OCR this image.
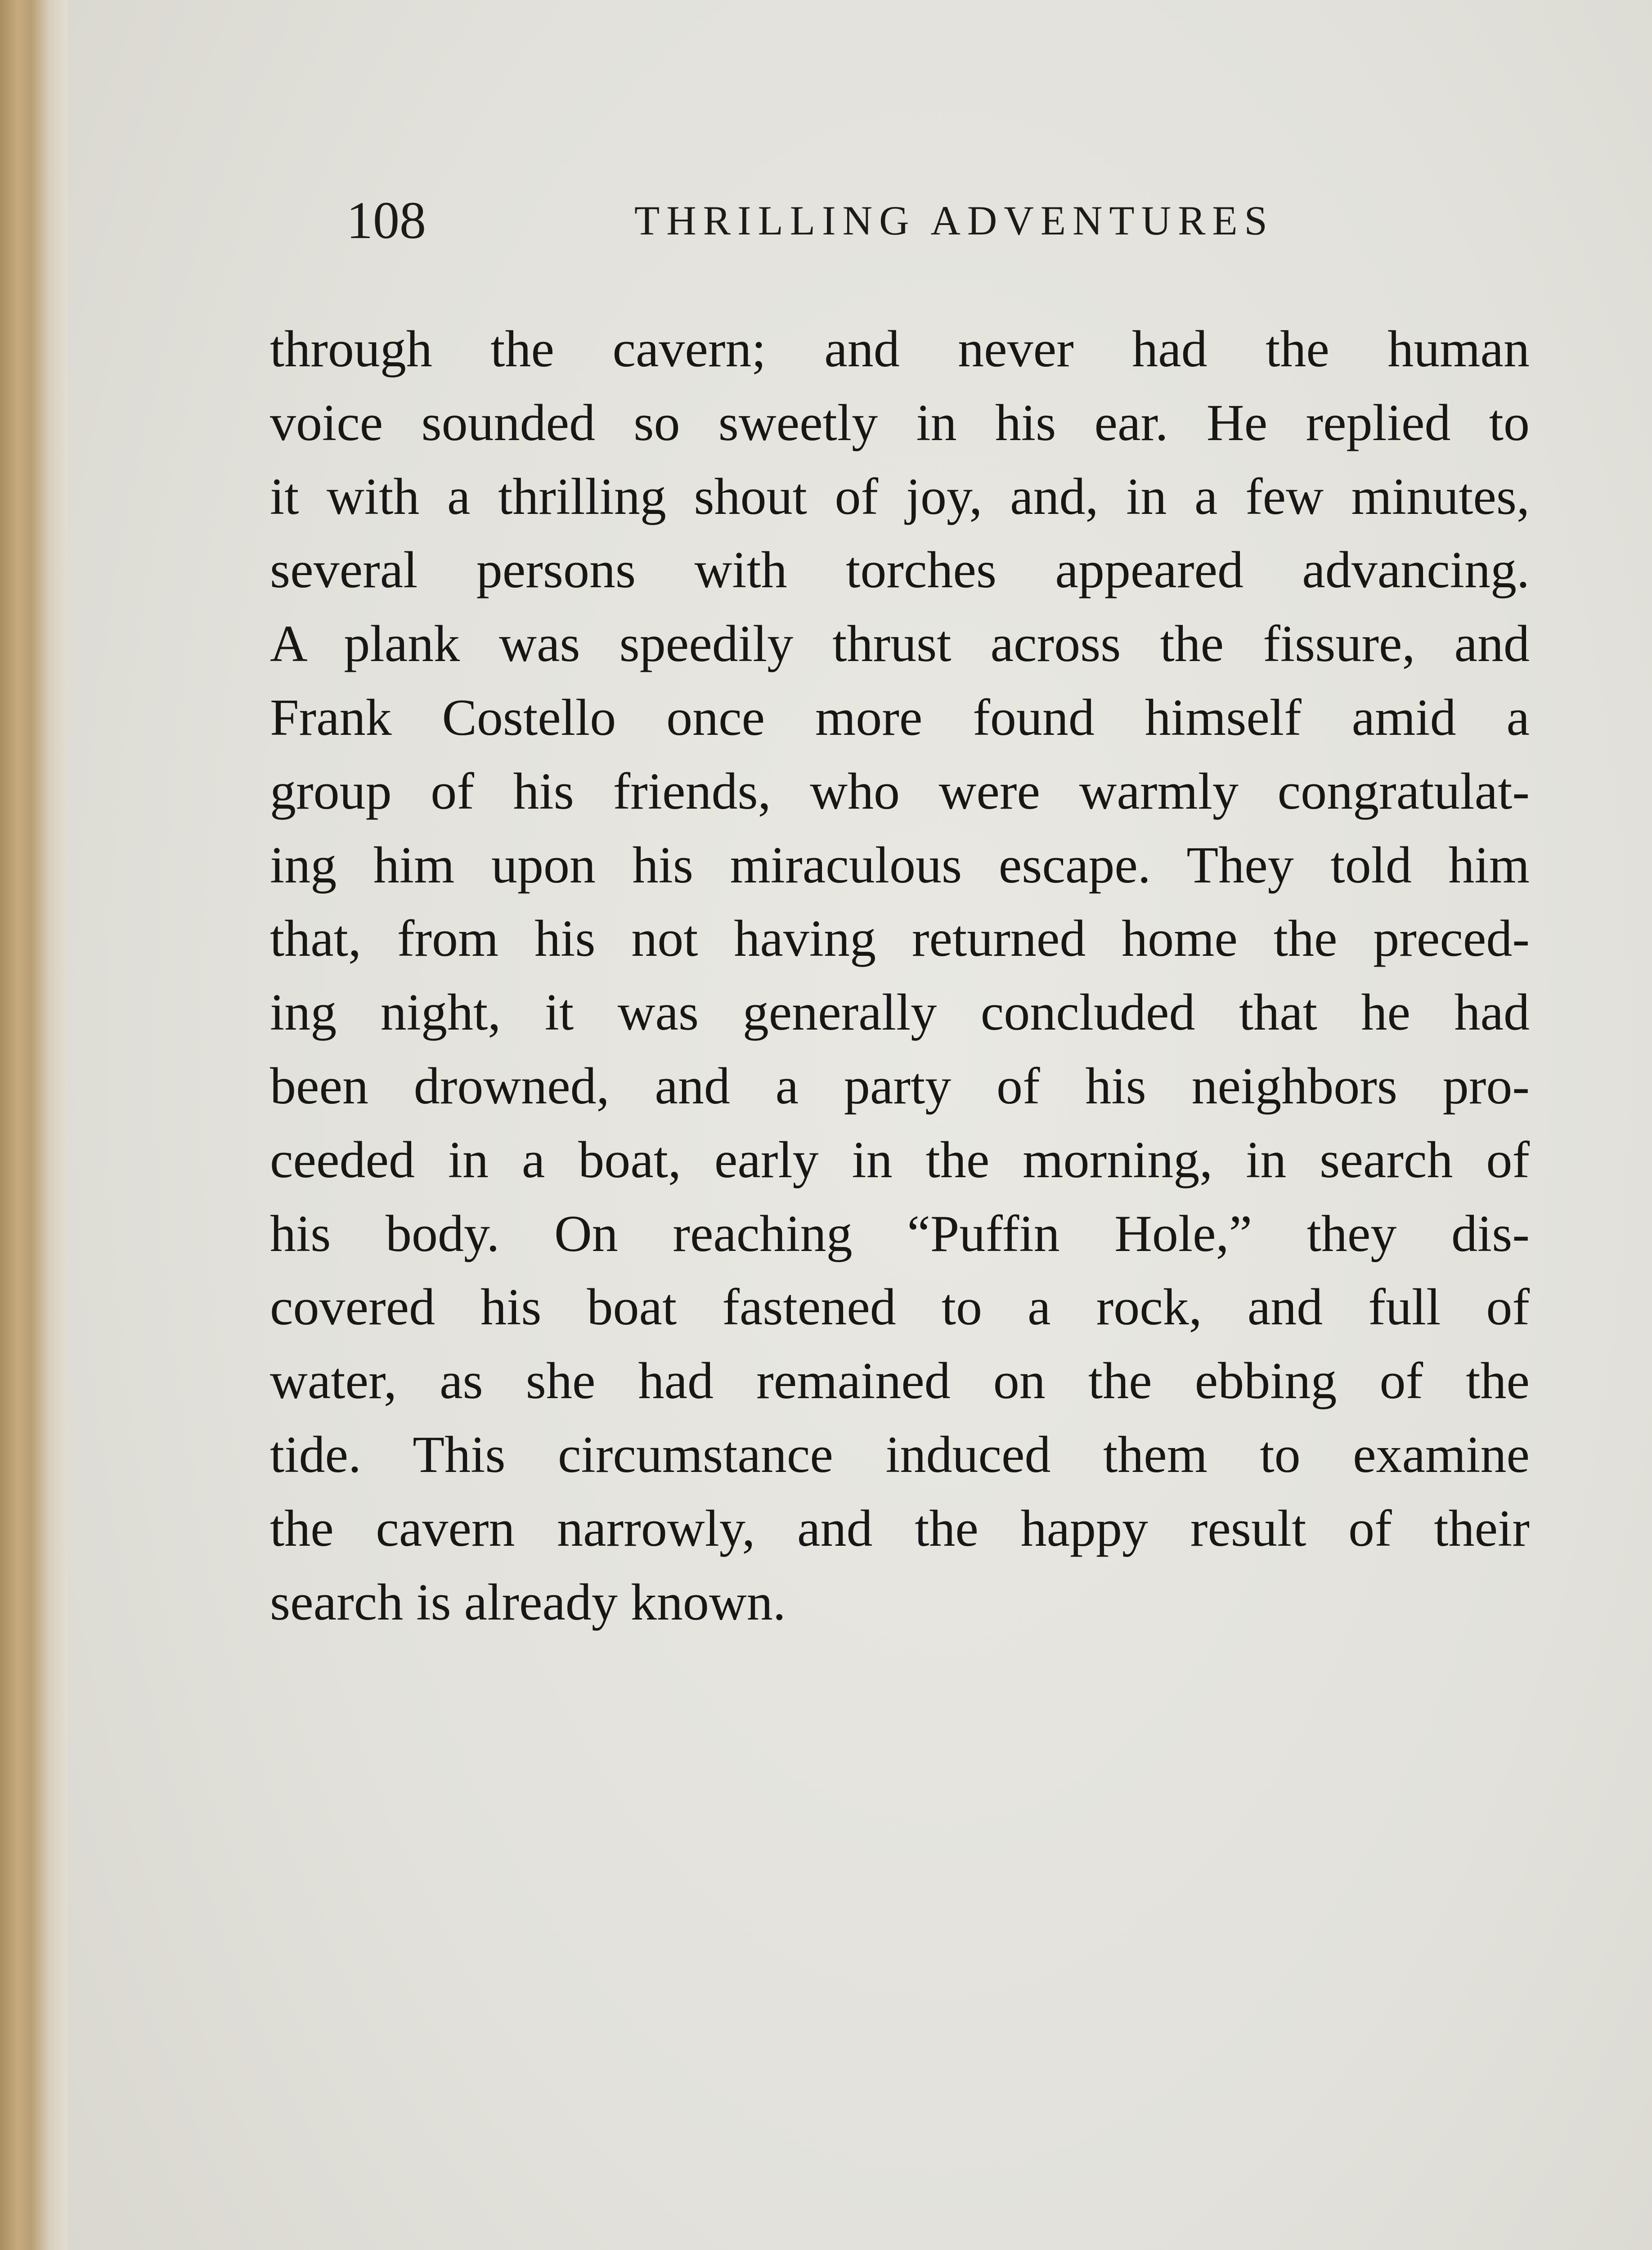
108	THRILLING ADVENTURES

through the cavern; and never had the human
voice sounded so sweetly in his ear. He replied to
it with a thrilling shout of joy, and, in a few minutes,
several persons with torches appeared advancing.
A plank was speedily thrust across the fissure, and
Frank Costello once more found himself amid a
group of his friends, who were warmly congratulat-
ing him upon his miraculous escape. They told him
that, from his not having returned home the preced-
ing night, it was generally concluded that he had
been drowned, and a party of his neighbors pro-
ceeded in a boat, early in the morning, in search of
his body. On reaching “Puffin Hole,” they dis-
covered his boat fastened to a rock, and full of
water, as she had remained on the ebbing of the
tide. This circumstance induced them to examine
the cavern narrowly, and the happy result of their
search is already known.
